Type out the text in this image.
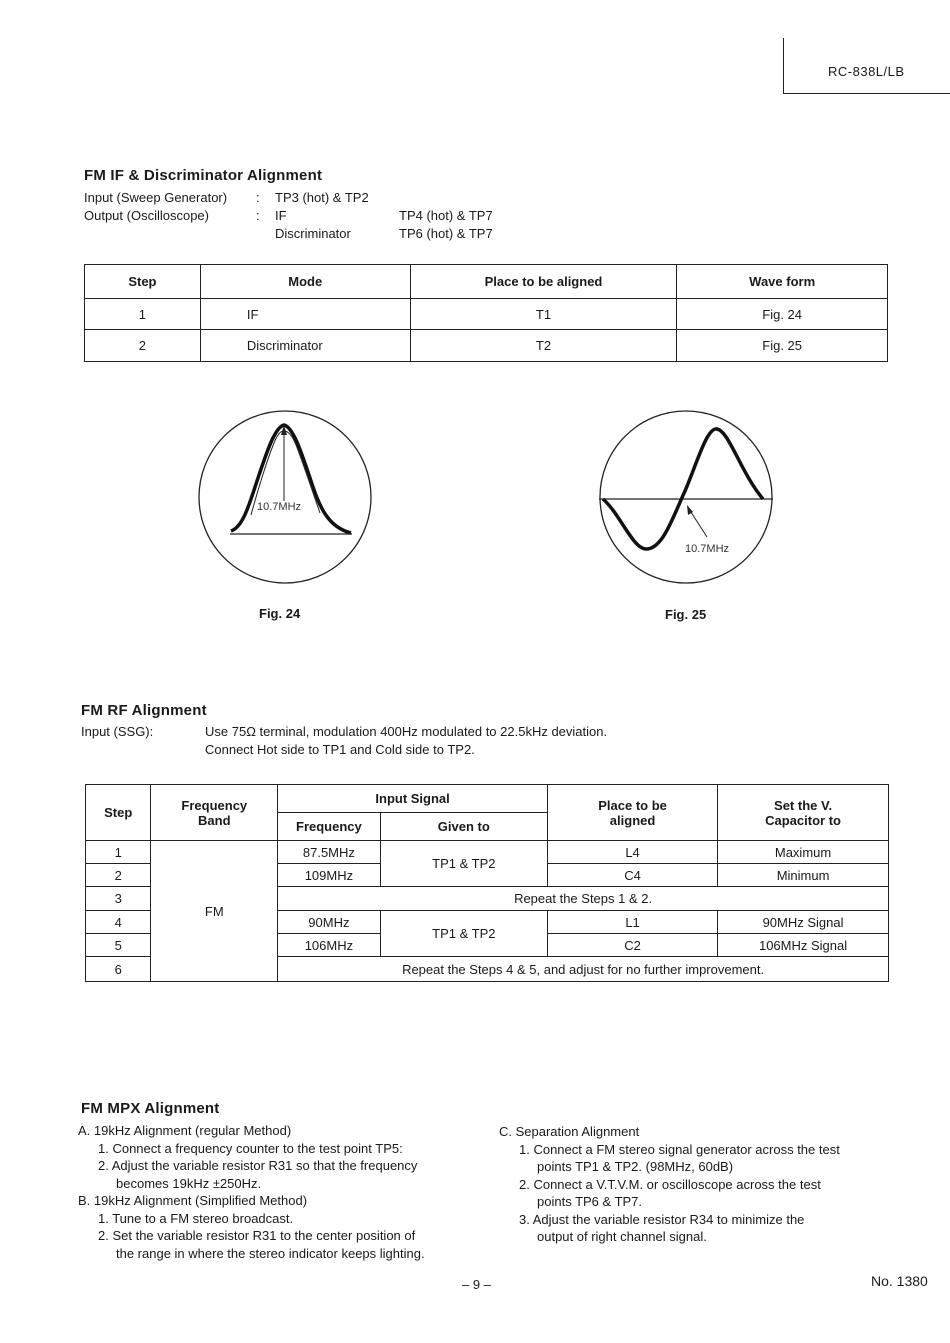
RC-838L/LB
FM IF & Discriminator Alignment
Input (Sweep Generator) : TP3 (hot) & TP2
Output (Oscilloscope)	: IF	TP4 (hot) & TP7
Discriminator	TP6 (hot) & TP7
Step	Mode	Place to be aligned	Wave form
1	IF	T1	Fig. 24
2	Discriminator	T2	Fig. 25
10.7MHz
Fig. 24
10.7MHz
Fig. 25
FM RF Alignment
Input (SSG):	Use 75Ω terminal, modulation 400Hz modulated to 22.5kHz deviation.
Connect Hot side to TP1 and Cold side to TP2.
Step	Frequency Band	Input Signal		Place to be aligned	Set the V. Capacitor to
		Frequency	Given to		
1	FM	87.5MHz	TP1 & TP2	L4	Maximum
2		109MHz		C4	Minimum
3		Repeat the Steps 1 & 2.			
4		90MHz	TP1 & TP2	L1	90MHz Signal
5		106MHz		C2	106MHz Signal
6		Repeat the Steps 4 & 5, and adjust for no further improvement.			
FM MPX Alignment
A. 19kHz Alignment (regular Method)
1. Connect a frequency counter to the test point TP5:
2. Adjust the variable resistor R31 so that the frequency
becomes 19kHz ±250Hz.
B. 19kHz Alignment (Simplified Method)
1. Tune to a FM stereo broadcast.
2. Set the variable resistor R31 to the center position of
the range in where the stereo indicator keeps lighting.
C. Separation Alignment
1. Connect a FM stereo signal generator across the test
points TP1 & TP2. (98MHz, 60dB)
2. Connect a V.T.V.M. or oscilloscope across the test
points TP6 & TP7.
3. Adjust the variable resistor R34 to minimize the
output of right channel signal.
– 9 –	No. 1380
